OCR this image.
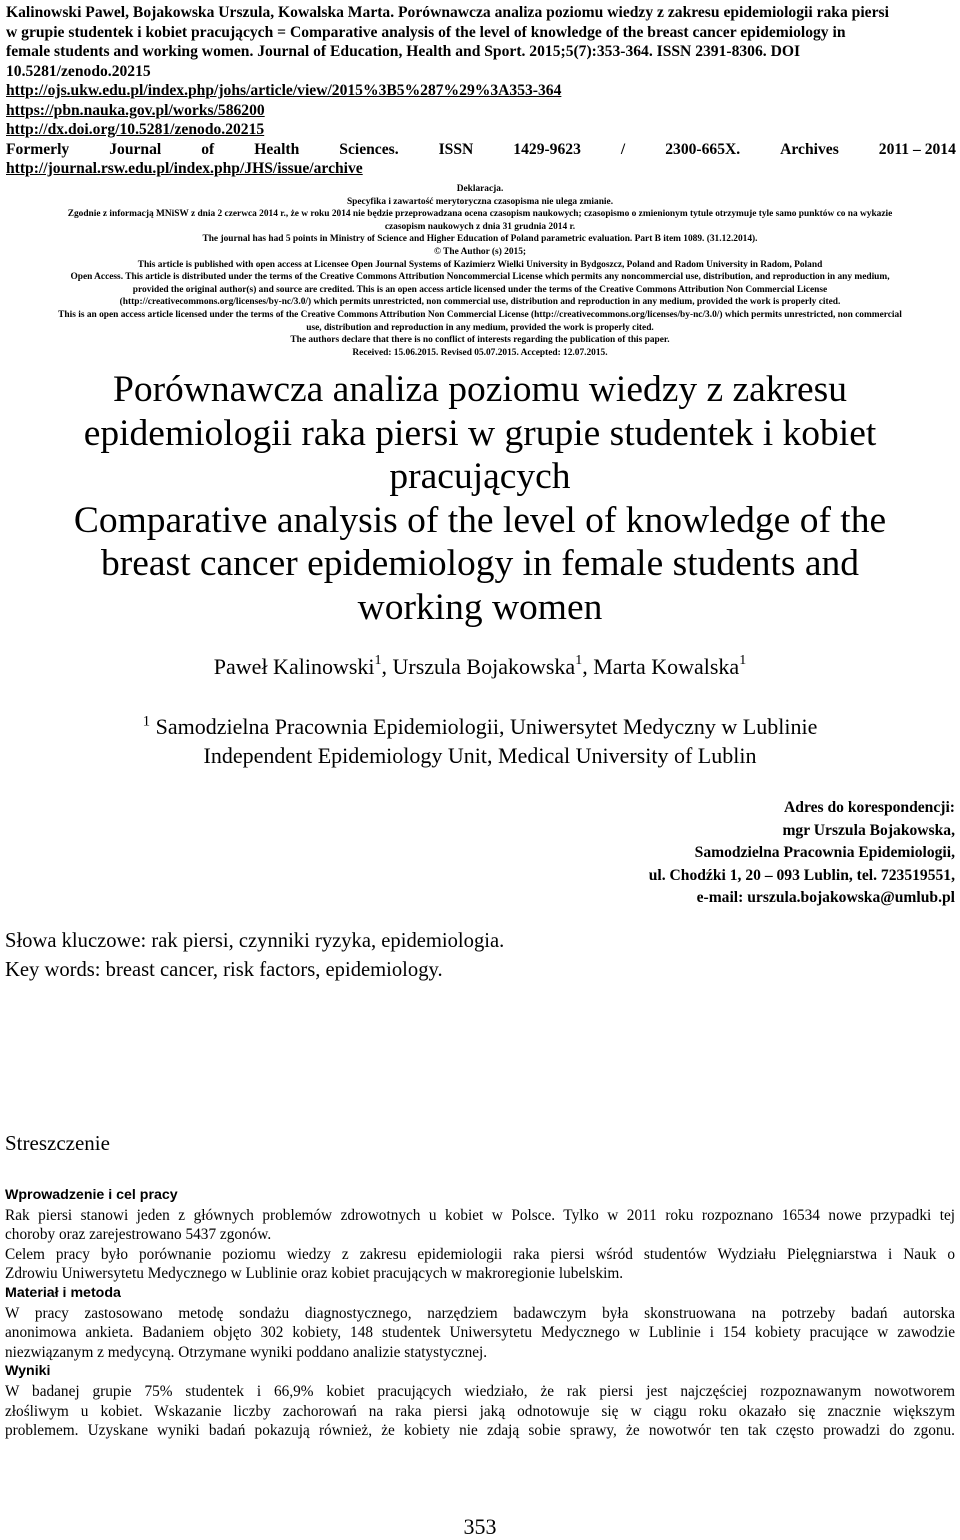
Kalinowski Pawel, Bojakowska Urszula, Kowalska Marta. Porównawcza analiza poziomu wiedzy z zakresu epidemiologii raka piersi
w grupie studentek i kobiet pracujących = Comparative analysis of the level of knowledge of the breast cancer epidemiology in
female students and working women. Journal of Education, Health and Sport. 2015;5(7):353-364. ISSN 2391-8306. DOI
10.5281/zenodo.20215
http://ojs.ukw.edu.pl/index.php/johs/article/view/2015%3B5%287%29%3A353-364
https://pbn.nauka.gov.pl/works/586200
http://dx.doi.org/10.5281/zenodo.20215
Formerly	Journal	of	Health	Sciences.	ISSN	1429-9623	/	2300-665X.	Archives	2011 – 2014
http://journal.rsw.edu.pl/index.php/JHS/issue/archive
Deklaracja.
Specyfika i zawartość merytoryczna czasopisma nie ulega zmianie.
Zgodnie z informacją MNiSW z dnia 2 czerwca 2014 r., że w roku 2014 nie będzie przeprowadzana ocena czasopism naukowych; czasopismo o zmienionym tytule otrzymuje tyle samo punktów co na wykazie
czasopism naukowych z dnia 31 grudnia 2014 r.
The journal has had 5 points in Ministry of Science and Higher Education of Poland parametric evaluation. Part B item 1089. (31.12.2014).
© The Author (s) 2015;
This article is published with open access at Licensee Open Journal Systems of Kazimierz Wielki University in Bydgoszcz, Poland and Radom University in Radom, Poland
Open Access. This article is distributed under the terms of the Creative Commons Attribution Noncommercial License which permits any noncommercial use, distribution, and reproduction in any medium,
provided the original author(s) and source are credited. This is an open access article licensed under the terms of the Creative Commons Attribution Non Commercial License
(http://creativecommons.org/licenses/by-nc/3.0/) which permits unrestricted, non commercial use, distribution and reproduction in any medium, provided the work is properly cited.
This is an open access article licensed under the terms of the Creative Commons Attribution Non Commercial License (http://creativecommons.org/licenses/by-nc/3.0/) which permits unrestricted, non commercial
use, distribution and reproduction in any medium, provided the work is properly cited.
The authors declare that there is no conflict of interests regarding the publication of this paper.
Received: 15.06.2015. Revised 05.07.2015. Accepted: 12.07.2015.
Porównawcza analiza poziomu wiedzy z zakresu
epidemiologii raka piersi w grupie studentek i kobiet
pracujących
Comparative analysis of the level of knowledge of the
breast cancer epidemiology in female students and
working women
Paweł Kalinowski$^1$, Urszula Bojakowska$^1$, Marta Kowalska$^1$
$^1$ Samodzielna Pracownia Epidemiologii, Uniwersytet Medyczny w Lublinie
Independent Epidemiology Unit, Medical University of Lublin
Adres do korespondencji:
mgr Urszula Bojakowska,
Samodzielna Pracownia Epidemiologii,
ul. Chodźki 1, 20 – 093 Lublin, tel. 723519551,
e-mail: urszula.bojakowska@umlub.pl
Słowa kluczowe: rak piersi, czynniki ryzyka, epidemiologia.
Key words: breast cancer, risk factors, epidemiology.
Streszczenie
Wprowadzenie i cel pracy
Rak piersi stanowi jeden z głównych problemów zdrowotnych u kobiet w Polsce. Tylko w 2011 roku rozpoznano 16534 nowe przypadki tej
choroby oraz zarejestrowano 5437 zgonów.
Celem pracy było porównanie poziomu wiedzy z zakresu epidemiologii raka piersi wśród studentów Wydziału Pielęgniarstwa i Nauk o
Zdrowiu Uniwersytetu Medycznego w Lublinie oraz kobiet pracujących w makroregionie lubelskim.
Materiał i metoda
W pracy zastosowano metodę sondażu diagnostycznego, narzędziem badawczym była skonstruowana na potrzeby badań autorska
anonimowa ankieta. Badaniem objęto 302 kobiety, 148 studentek Uniwersytetu Medycznego w Lublinie i 154 kobiety pracujące w zawodzie
niezwiązanym z medycyną. Otrzymane wyniki poddano analizie statystycznej.
Wyniki
W badanej grupie 75% studentek i 66,9% kobiet pracujących wiedziało, że rak piersi jest najczęściej rozpoznawanym nowotworem
złośliwym u kobiet. Wskazanie liczby zachorowań na raka piersi jaką odnotowuje się w ciągu roku okazało się znacznie większym
problemem. Uzyskane wyniki badań pokazują również, że kobiety nie zdają sobie sprawy, że nowotwór ten tak często prowadzi do zgonu.
353
